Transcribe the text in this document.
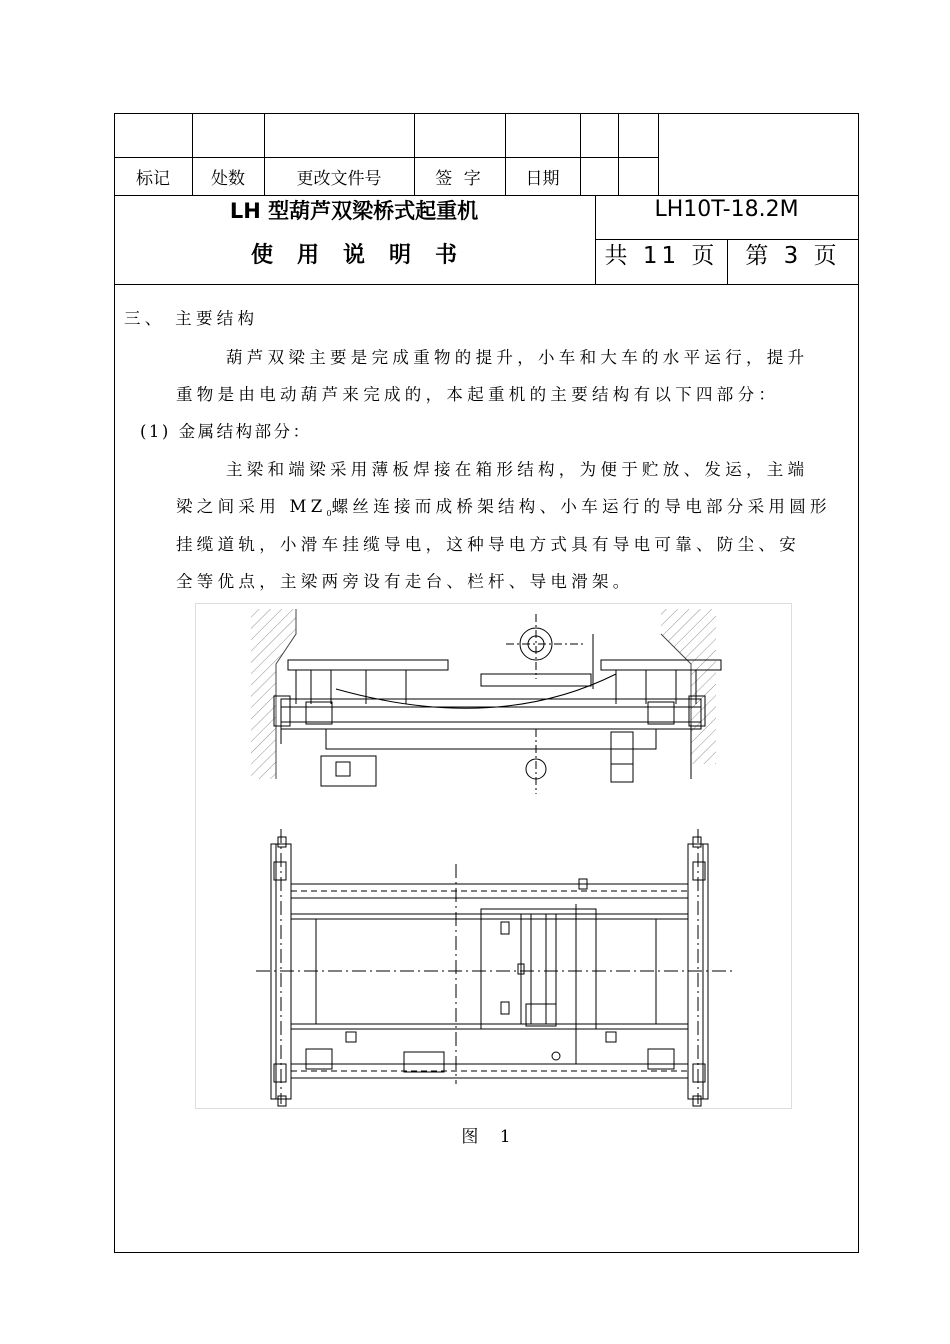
标记	处数	更改文件号	签 字	日期
LH 型葫芦双梁桥式起重机
使用说明书
LH10T-18.2M
共 11 页	第 3 页
三、 主要结构
葫芦双梁主要是完成重物的提升，小车和大车的水平运行，提升
重物是由电动葫芦来完成的，本起重机的主要结构有以下四部分：
(1) 金属结构部分：
主梁和端梁采用薄板焊接在箱形结构，为便于贮放、发运，主端
梁之间采用 $MZ_0$螺丝连接而成桥架结构、小车运行的导电部分采用圆形
挂缆道轨，小滑车挂缆导电，这种导电方式具有导电可靠、防尘、安
全等优点，主梁两旁设有走台、栏杆、导电滑架。
图 1
